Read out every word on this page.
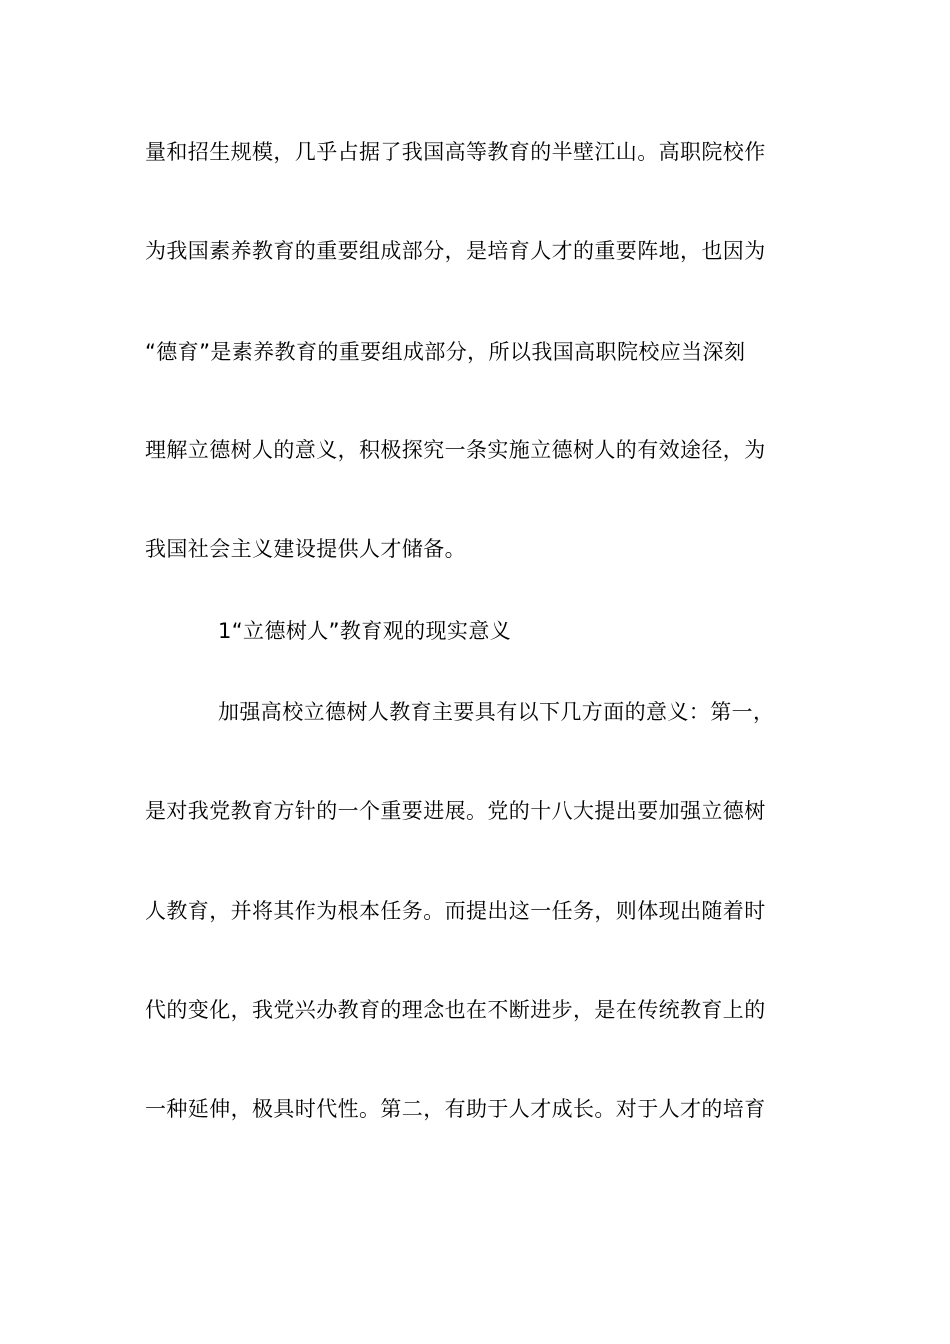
量和招生规模，几乎占据了我国高等教育的半壁江山。高职院校作
为我国素养教育的重要组成部分，是培育人才的重要阵地，也因为
“德育”是素养教育的重要组成部分，所以我国高职院校应当深刻
理解立德树人的意义，积极探究一条实施立德树人的有效途径，为
我国社会主义建设提供人才储备。
1“立德树人”教育观的现实意义
加强高校立德树人教育主要具有以下几方面的意义：第一，
是对我党教育方针的一个重要进展。党的十八大提出要加强立德树
人教育，并将其作为根本任务。而提出这一任务，则体现出随着时
代的变化，我党兴办教育的理念也在不断进步，是在传统教育上的
一种延伸，极具时代性。第二，有助于人才成长。对于人才的培育
